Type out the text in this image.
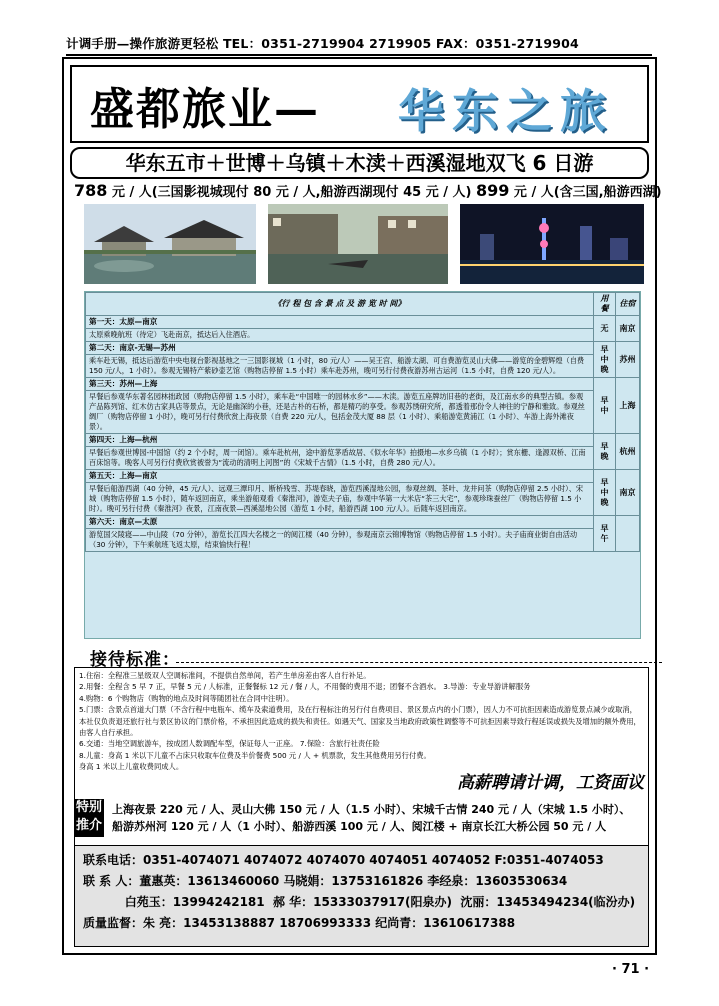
计调手册—操作旅游更轻松 TEL：0351-2719904 2719905 FAX：0351-2719904
盛都旅业— 华东之旅
华东五市＋世博＋乌镇＋木渎＋西溪湿地双飞 6 日游
788 元 / 人(三国影视城现付 80 元 / 人,船游西湖现付 45 元 / 人) 899 元 / 人(含三国,船游西湖)
《行 程 包 含 景 点 及 游 览 时 间》	用餐	住宿
第一天：太原—南京	无	南京
太原乘晚航班（待定）飞赴南京，抵达后入住酒店。		
第二天：南京-无锡—苏州	早中晚	苏州
乘车赴无锡，抵达后游览中央电视台影视基地之一三国影视城（1 小时，80 元/人）——吴王宫、船游太湖、可自费游览灵山大佛——游览的金碧辉煌（自费 150 元/人，1 小时）。参观无锡特产紫砂壶艺馆（购物店停留 1.5 小时）乘车赴苏州，晚可另行付费夜游苏州古运河（1.5 小时，自费 120 元/人）。		
第三天：苏州—上海	早中	上海
早餐后参观华东著名园林拙政园（购物店停留 1.5 小时），乘车赴“中国唯一的园林水乡”——木渎。游览五座牌坊旧巷的老街，及江南水乡的典型古镇。参观产品陈列馆、红木仿古家具店等景点，无论是幽深的小巷，还是古朴的石桥，都是精巧的享受。参观苏绣研究所，都透着那份令人神往的宁静和雅致。参观丝绸厂（购物店停留 1 小时），晚可另行付费欣赏上海夜景（自费 220 元/人，包括金茂大厦 88 层（1 小时）、乘船游览黄浦江（1 小时）、车游上海外滩夜景）。		
第四天：上海—杭州	早晚	杭州
早餐后参观世博园-中国馆（约 2 个小时，周一闭馆）。乘车赴杭州，途中游览茅盾故居、《似水年华》拍摄地—水乡乌镇（1 小时）；赏东栅、逢源双桥、江南百床馆等。晚客人可另行付费欣赏被誉为“流动的清明上河图”的《宋城千古情》（1.5 小时，自费 280 元/人）。		
第五天：上海—南京	早中晚	南京
早餐后船游西湖（40 分钟，45 元/人）、远观三潭印月、断桥残雪、苏堤春晓，游览西溪湿地公园，参观丝绸、茶叶、龙井问茶（购物店停留 2.5 小时）、宋城（购物店停留 1.5 小时），随车返回南京，乘坐游船观看《秦淮河》，游览夫子庙，参观中华第一大米店“茶三大宅”，参观珍珠蚕丝厂（购物店停留 1.5 小时）。晚可另行付费《秦淮河》夜景，江南夜景—西溪湿地公园（游览 1 小时，船游西湖 100 元/人）。后随车返回南京。		
第六天：南京—太原	早午	
游览国父陵寝——中山陵（70 分钟），游览长江四大名楼之一的阅江楼（40 分钟），参观南京云锦博物馆（购物店停留 1.5 小时）。夫子庙商业街自由活动（30 分钟），下午乘航班飞返太原，结束愉快行程！		
接待标准：

1.住宿：全程准三星级双人空调标准间，不提供自然单间，若产生单房差由客人自行补足。

2.用餐：全程含 5 早 7 正，早餐 5 元 / 人标准，正餐餐标 12 元 / 餐 / 人，不用餐的费用不退；团餐不含酒水。 3.导游：专业导游讲解服务

4.购物：6 个购物店（购物的地点及时间等随团社在合同中注明）。

5.门票：含景点首道大门票（不含行程中电瓶车、缆车及索道费用，及在行程标注的另行付自费项目、景区景点内的小门票），因人力不可抗拒因素造成游览景点减少或取消，本社仅负责退还旅行社与景区协议的门票价格，不承担因此造成的损失和责任。如遇天气、国家及当地政府政策性调整等不可抗拒因素导致行程延误或损失及增加的额外费用，由客人自行承担。

6.交通：当地空调旅游车，按成团人数调配车型，保证每人一正座。 7.保险：含旅行社责任险

8.儿童：身高 1 米以下儿童不占床只收取车位费及半价餐费 500 元 / 人 + 机票款，发生其他费用另行付费。

身高 1 米以上儿童收费同成人。

高薪聘请计调，工资面议
特别推介
上海夜景 220 元 / 人、灵山大佛 150 元 / 人（1.5 小时）、宋城千古情 240 元 / 人（宋城 1.5 小时）、
船游苏州河 120 元 / 人（1 小时）、船游西溪 100 元 / 人、阅江楼 + 南京长江大桥公园 50 元 / 人
联系电话：0351-4074071 4074072 4074070 4074051 4074052 F:0351-4074053
联 系 人：董惠英：13613460060 马晓娟：13753161826 李经泉：13603530634
白苑玉：13994242181  郝 华：15333037917(阳泉办)  沈丽：13453494234(临汾办)
质量监督：朱 亮：13453138887 18706993333 纪尚青：13610617388
· 71 ·
